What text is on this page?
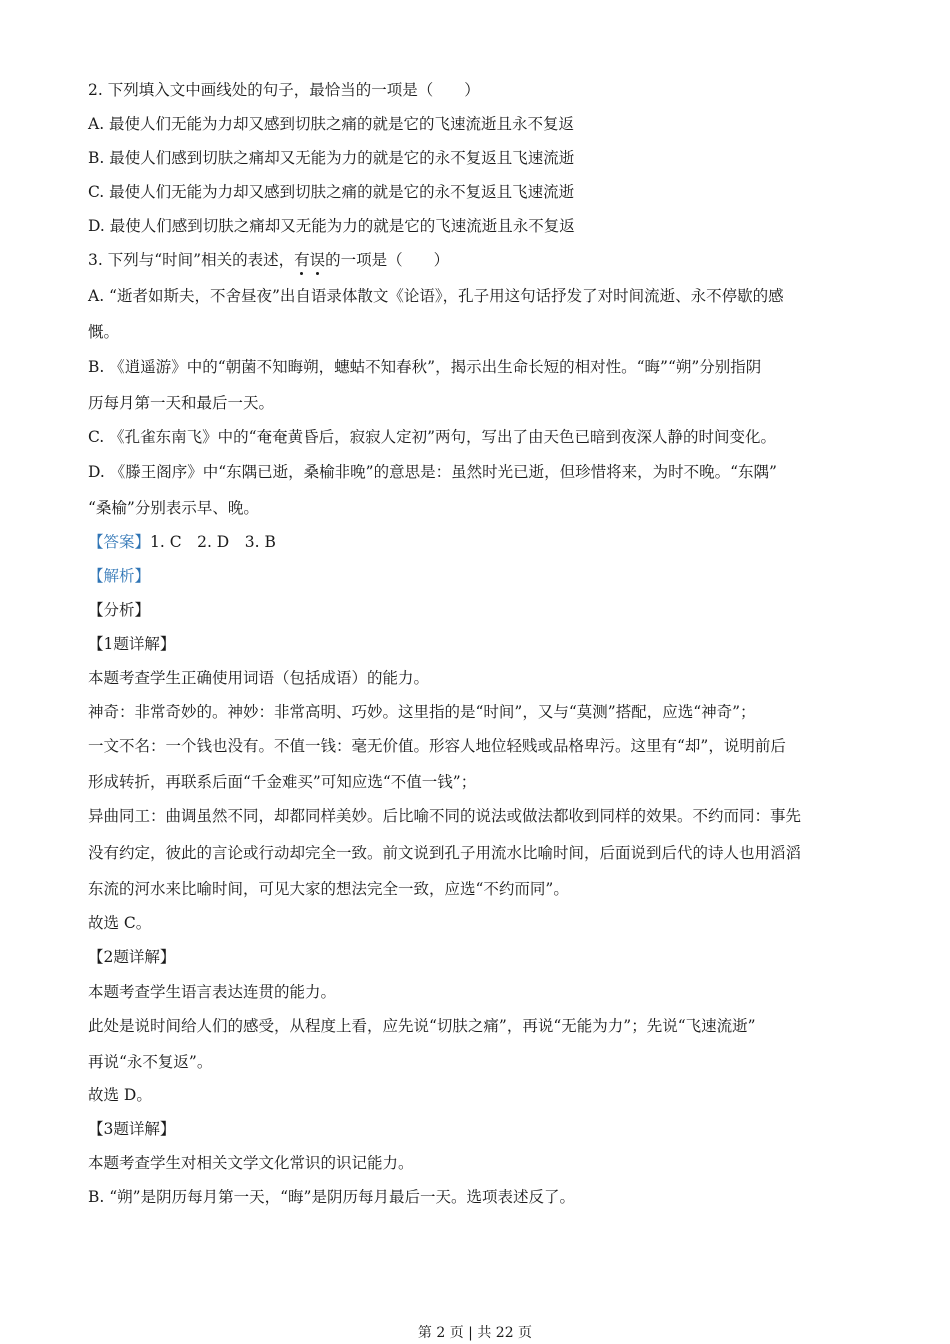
2. 下列填入文中画线处的句子，最恰当的一项是（　　）
A. 最使人们无能为力却又感到切肤之痛的就是它的飞速流逝且永不复返
B. 最使人们感到切肤之痛却又无能为力的就是它的永不复返且飞速流逝
C. 最使人们无能为力却又感到切肤之痛的就是它的永不复返且飞速流逝
D. 最使人们感到切肤之痛却又无能为力的就是它的飞速流逝且永不复返
3. 下列与“时间”相关的表述，有误的一项是（　　）
A. “逝者如斯夫，不舍昼夜”出自语录体散文《论语》，孔子用这句话抒发了对时间流逝、永不停歇的感
慨。
B. 《逍遥游》中的“朝菌不知晦朔，蟪蛄不知春秋”，揭示出生命长短的相对性。“晦”“朔”分别指阴
历每月第一天和最后一天。
C. 《孔雀东南飞》中的“奄奄黄昏后，寂寂人定初”两句，写出了由天色已暗到夜深人静的时间变化。
D. 《滕王阁序》中“东隅已逝，桑榆非晚”的意思是：虽然时光已逝，但珍惜将来，为时不晚。“东隅”
“桑榆”分别表示早、晚。
【答案】1. C　2. D　3. B
【解析】
【分析】
【1题详解】
本题考查学生正确使用词语（包括成语）的能力。
神奇：非常奇妙的。神妙：非常高明、巧妙。这里指的是“时间”，又与“莫测”搭配，应选“神奇”；
一文不名：一个钱也没有。不值一钱：毫无价值。形容人地位轻贱或品格卑污。这里有“却”，说明前后
形成转折，再联系后面“千金难买”可知应选“不值一钱”；
异曲同工：曲调虽然不同，却都同样美妙。后比喻不同的说法或做法都收到同样的效果。不约而同：事先
没有约定，彼此的言论或行动却完全一致。前文说到孔子用流水比喻时间，后面说到后代的诗人也用滔滔
东流的河水来比喻时间，可见大家的想法完全一致，应选“不约而同”。
故选 C。
【2题详解】
本题考查学生语言表达连贯的能力。
此处是说时间给人们的感受，从程度上看，应先说“切肤之痛”，再说“无能为力”；先说“飞速流逝”
再说“永不复返”。
故选 D。
【3题详解】
本题考查学生对相关文学文化常识的识记能力。
B. “朔”是阴历每月第一天，“晦”是阴历每月最后一天。选项表述反了。
第 2 页 | 共 22 页
